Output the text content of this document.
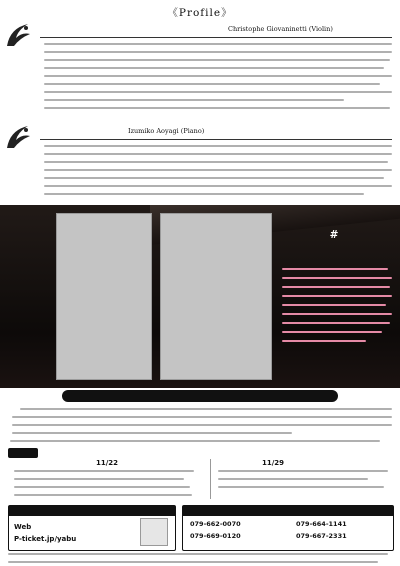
《Profile》
Christophe Giovaninetti (Violin)
Izumiko Aoyagi (Piano)
#
11/22	11/29
Web
P-ticket.jp/yabu
079-662-0070
079-669-0120
079-664-1141
079-667-2331
